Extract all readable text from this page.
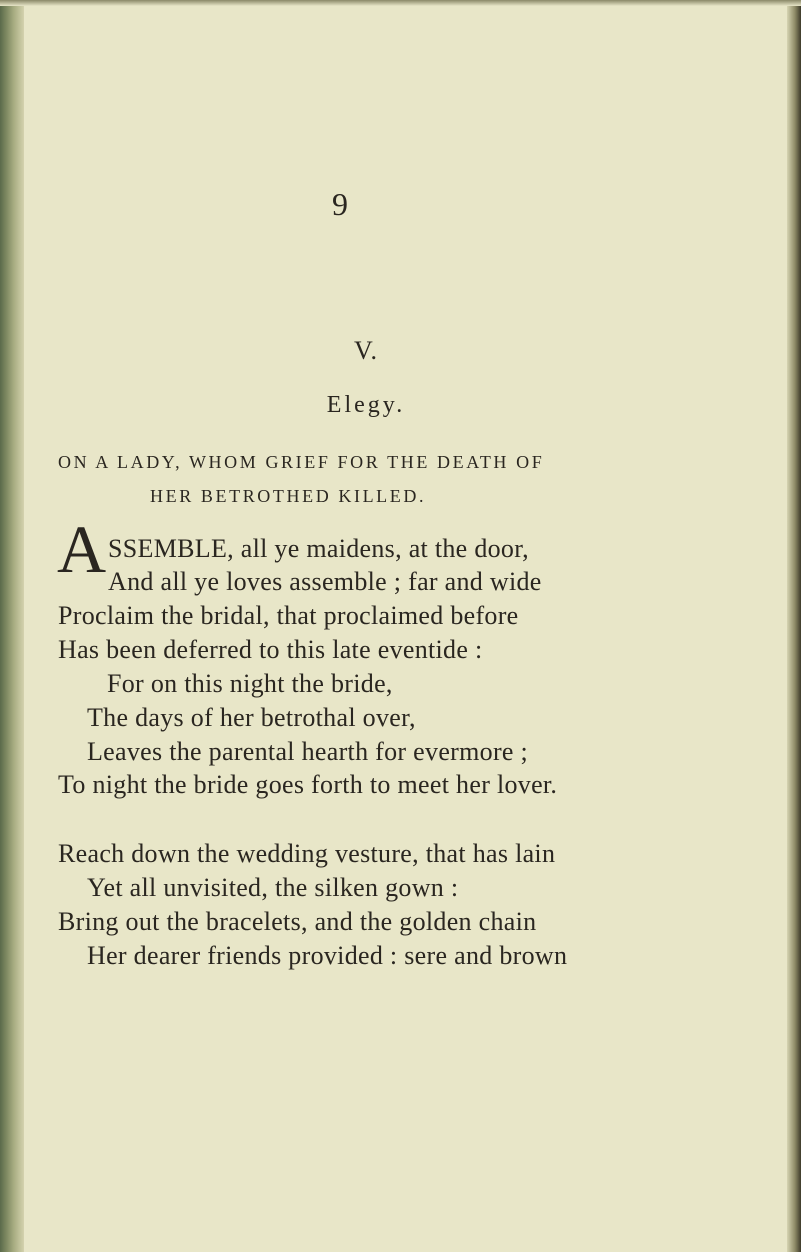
9
V.
Elegy.
ON A LADY, WHOM GRIEF FOR THE DEATH OF
HER BETROTHED KILLED.
A SSEMBLE, all ye maidens, at the door,
And all ye loves assemble ; far and wide
Proclaim the bridal, that proclaimed before
Has been deferred to this late eventide :
For on this night the bride,
The days of her betrothal over,
Leaves the parental hearth for evermore ;
To night the bride goes forth to meet her lover.
Reach down the wedding vesture, that has lain
Yet all unvisited, the silken gown :
Bring out the bracelets, and the golden chain
Her dearer friends provided : sere and brown
